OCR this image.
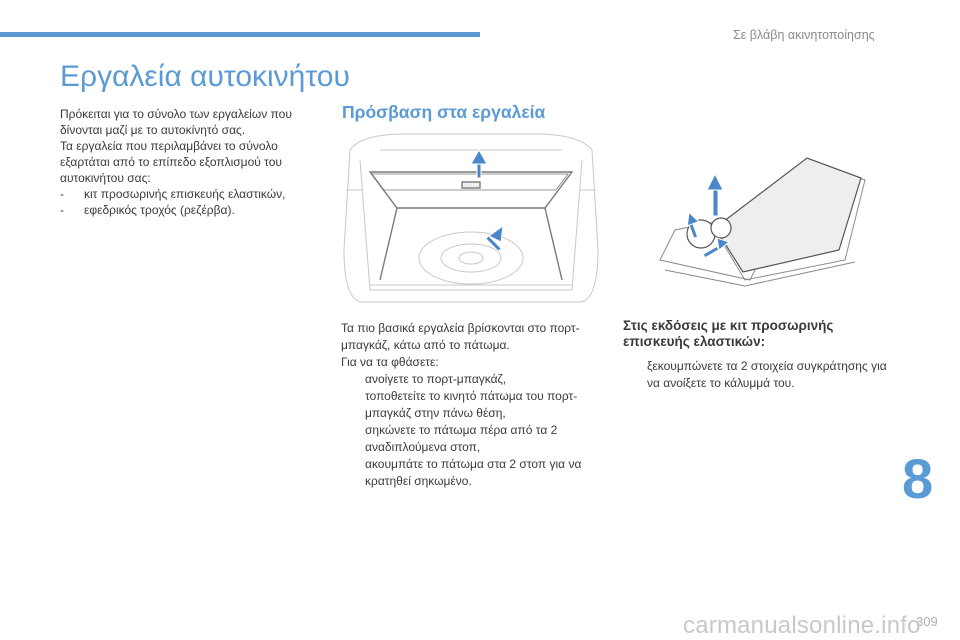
Σε βλάβη ακινητοποίησης
Εργαλεία αυτοκινήτου

Πρόκειται για το σύνολο των εργαλείων που δίνονται μαζί με το αυτοκίνητό σας.

Τα εργαλεία που περιλαμβάνει το σύνολο εξαρτάται από το επίπεδο εξοπλισμού του αυτοκινήτου σας:

-	κιτ προσωρινής επισκευής ελαστικών,
-	εφεδρικός τροχός (ρεζέρβα).
Πρόσβαση στα εργαλεία

Τα πιο βασικά εργαλεία βρίσκονται στο πορτ-μπαγκάζ, κάτω από το πάτωμα.

Για να τα φθάσετε:

ανοίγετε το πορτ-μπαγκάζ,
τοποθετείτε το κινητό πάτωμα του πορτ-μπαγκάζ στην πάνω θέση,
σηκώνετε το πάτωμα πέρα από τα 2 αναδιπλούμενα στοπ,
ακουμπάτε το πάτωμα στα 2 στοπ για να κρατηθεί σηκωμένο.
Στις εκδόσεις με κιτ προσωρινής επισκευής ελαστικών:
ξεκουμπώνετε τα 2 στοιχεία συγκράτησης για να ανοίξετε το κάλυμμά του.
8
309
carmanualsonline.info
